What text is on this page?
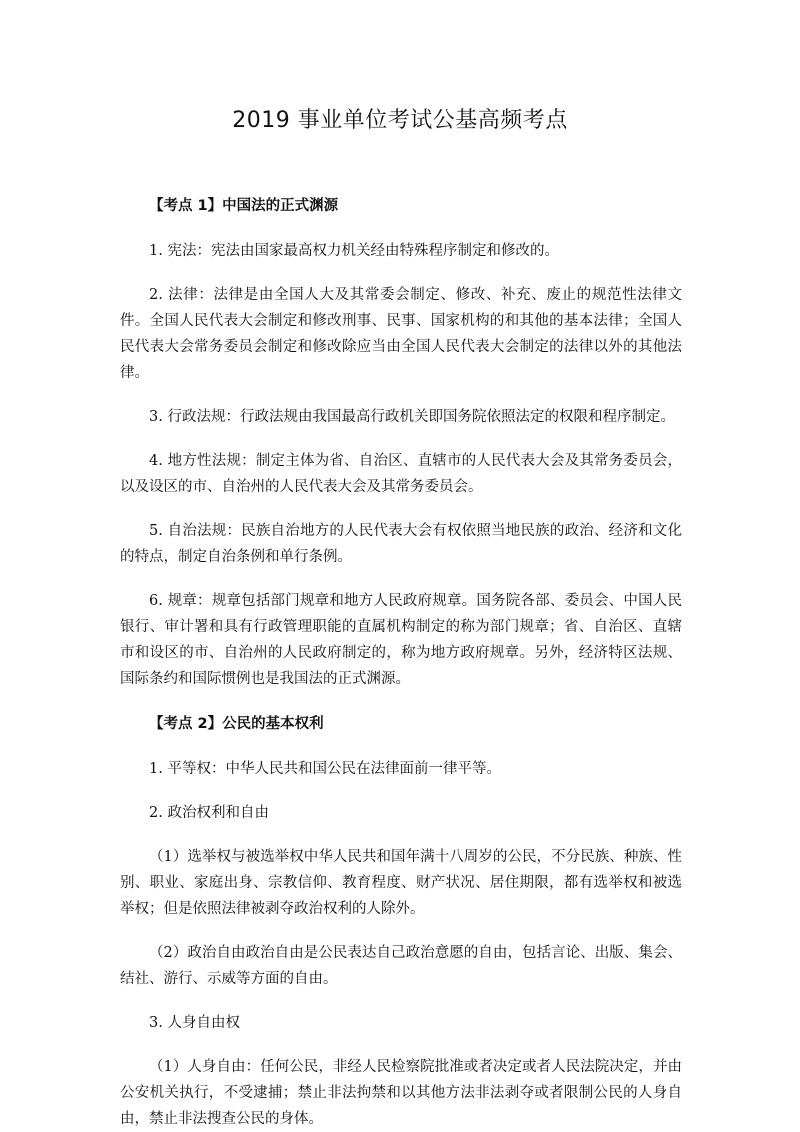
2019 事业单位考试公基高频考点

【考点 1】中国法的正式渊源

1. 宪法：宪法由国家最高权力机关经由特殊程序制定和修改的。

2. 法律：法律是由全国人大及其常委会制定、修改、补充、废止的规范性法律文件。全国人民代表大会制定和修改刑事、民事、国家机构的和其他的基本法律；全国人民代表大会常务委员会制定和修改除应当由全国人民代表大会制定的法律以外的其他法律。

3. 行政法规：行政法规由我国最高行政机关即国务院依照法定的权限和程序制定。

4. 地方性法规：制定主体为省、自治区、直辖市的人民代表大会及其常务委员会，以及设区的市、自治州的人民代表大会及其常务委员会。

5. 自治法规：民族自治地方的人民代表大会有权依照当地民族的政治、经济和文化的特点，制定自治条例和单行条例。

6. 规章：规章包括部门规章和地方人民政府规章。国务院各部、委员会、中国人民银行、审计署和具有行政管理职能的直属机构制定的称为部门规章；省、自治区、直辖市和设区的市、自治州的人民政府制定的，称为地方政府规章。另外，经济特区法规、国际条约和国际惯例也是我国法的正式渊源。

【考点 2】公民的基本权利

1. 平等权：中华人民共和国公民在法律面前一律平等。

2. 政治权利和自由

（1）选举权与被选举权中华人民共和国年满十八周岁的公民，不分民族、种族、性别、职业、家庭出身、宗教信仰、教育程度、财产状况、居住期限，都有选举权和被选举权；但是依照法律被剥夺政治权利的人除外。

（2）政治自由政治自由是公民表达自己政治意愿的自由，包括言论、出版、集会、结社、游行、示威等方面的自由。

3. 人身自由权

（1）人身自由：任何公民，非经人民检察院批准或者决定或者人民法院决定，并由公安机关执行，不受逮捕；禁止非法拘禁和以其他方法非法剥夺或者限制公民的人身自由，禁止非法搜查公民的身体。
